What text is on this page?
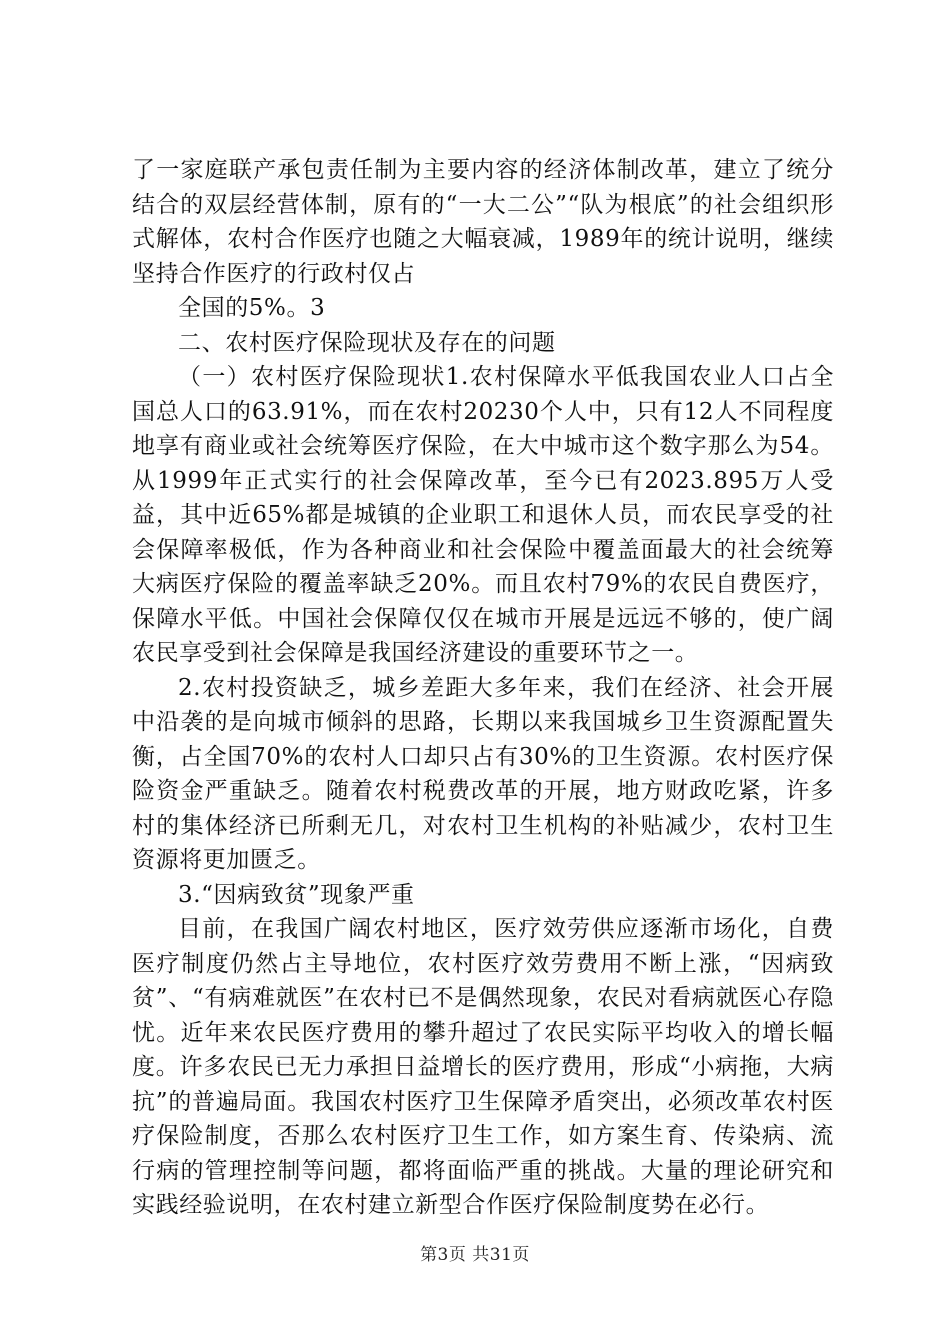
了一家庭联产承包责任制为主要内容的经济体制改革，建立了统分结合的双层经营体制，原有的“一大二公”“队为根底”的社会组织形式解体，农村合作医疗也随之大幅衰减，1989年的统计说明，继续坚持合作医疗的行政村仅占

全国的5%。3

二、农村医疗保险现状及存在的问题

（一）农村医疗保险现状1.农村保障水平低我国农业人口占全国总人口的63.91%，而在农村20230个人中，只有12人不同程度地享有商业或社会统筹医疗保险，在大中城市这个数字那么为54。从1999年正式实行的社会保障改革，至今已有2023.895万人受益，其中近65%都是城镇的企业职工和退休人员，而农民享受的社会保障率极低，作为各种商业和社会保险中覆盖面最大的社会统筹大病医疗保险的覆盖率缺乏20%。而且农村79%的农民自费医疗，保障水平低。中国社会保障仅仅在城市开展是远远不够的，使广阔农民享受到社会保障是我国经济建设的重要环节之一。

2.农村投资缺乏，城乡差距大多年来，我们在经济、社会开展中沿袭的是向城市倾斜的思路，长期以来我国城乡卫生资源配置失衡，占全国70%的农村人口却只占有30%的卫生资源。农村医疗保险资金严重缺乏。随着农村税费改革的开展，地方财政吃紧，许多村的集体经济已所剩无几，对农村卫生机构的补贴减少，农村卫生资源将更加匮乏。

3.“因病致贫”现象严重

目前，在我国广阔农村地区，医疗效劳供应逐渐市场化，自费医疗制度仍然占主导地位，农村医疗效劳费用不断上涨，“因病致贫”、“有病难就医”在农村已不是偶然现象，农民对看病就医心存隐忧。近年来农民医疗费用的攀升超过了农民实际平均收入的增长幅度。许多农民已无力承担日益增长的医疗费用，形成“小病拖，大病抗”的普遍局面。我国农村医疗卫生保障矛盾突出，必须改革农村医疗保险制度，否那么农村医疗卫生工作，如方案生育、传染病、流行病的管理控制等问题，都将面临严重的挑战。大量的理论研究和实践经验说明，在农村建立新型合作医疗保险制度势在必行。

第3页 共31页
